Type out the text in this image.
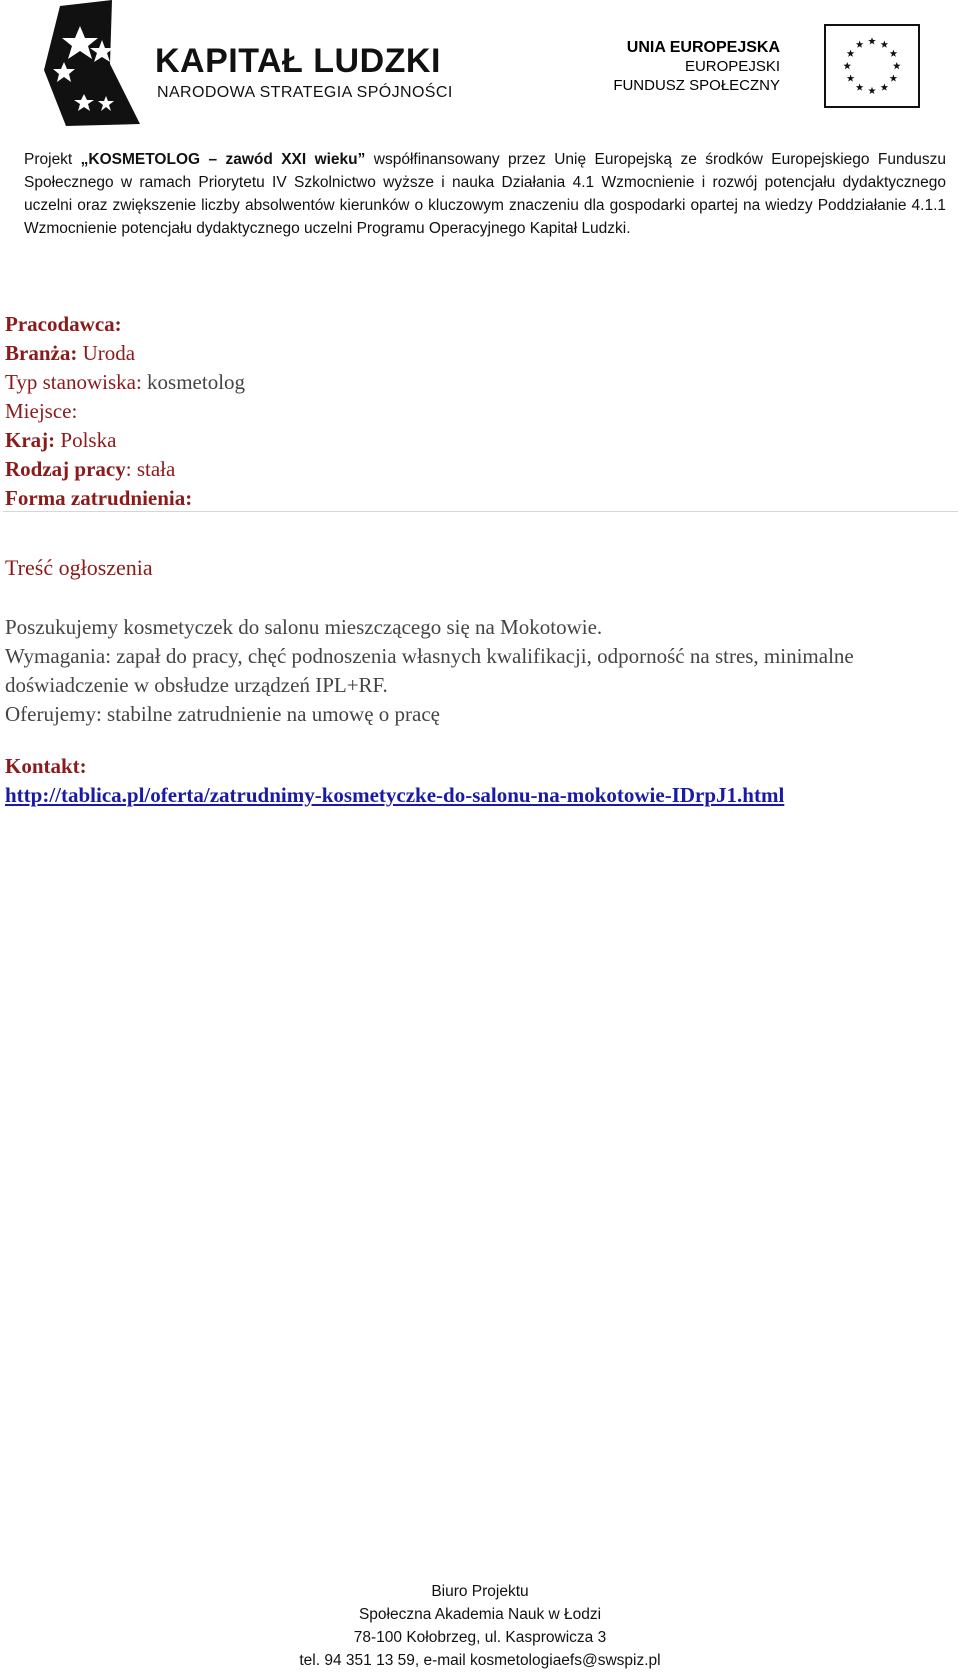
KAPITAŁ LUDZKI
NARODOWA STRATEGIA SPÓJNOŚCI
UNIA EUROPEJSKA
EUROPEJSKI
FUNDUSZ SPOŁECZNY
Projekt „KOSMETOLOG – zawód XXI wieku” współfinansowany przez Unię Europejską ze środków Europejskiego Funduszu Społecznego w ramach Priorytetu IV Szkolnictwo wyższe i nauka Działania 4.1 Wzmocnienie i rozwój potencjału dydaktycznego uczelni oraz zwiększenie liczby absolwentów kierunków o kluczowym znaczeniu dla gospodarki opartej na wiedzy Poddziałanie 4.1.1 Wzmocnienie potencjału dydaktycznego uczelni Programu Operacyjnego Kapitał Ludzki.
Pracodawca:
Branża: Uroda
Typ stanowiska: kosmetolog
Miejsce:
Kraj: Polska
Rodzaj pracy: stała
Forma zatrudnienia:
Treść ogłoszenia

Poszukujemy kosmetyczek do salonu mieszczącego się na Mokotowie.

Wymagania: zapał do pracy, chęć podnoszenia własnych kwalifikacji, odporność na stres, minimalne doświadczenie w obsłudze urządzeń IPL+RF.

Oferujemy: stabilne zatrudnienie na umowę o pracę

Kontakt:
http://tablica.pl/oferta/zatrudnimy-kosmetyczke-do-salonu-na-mokotowie-IDrpJ1.html
Biuro Projektu
Społeczna Akademia Nauk w Łodzi
78-100 Kołobrzeg, ul. Kasprowicza 3
tel. 94 351 13 59, e-mail kosmetologiaefs@swspiz.pl
